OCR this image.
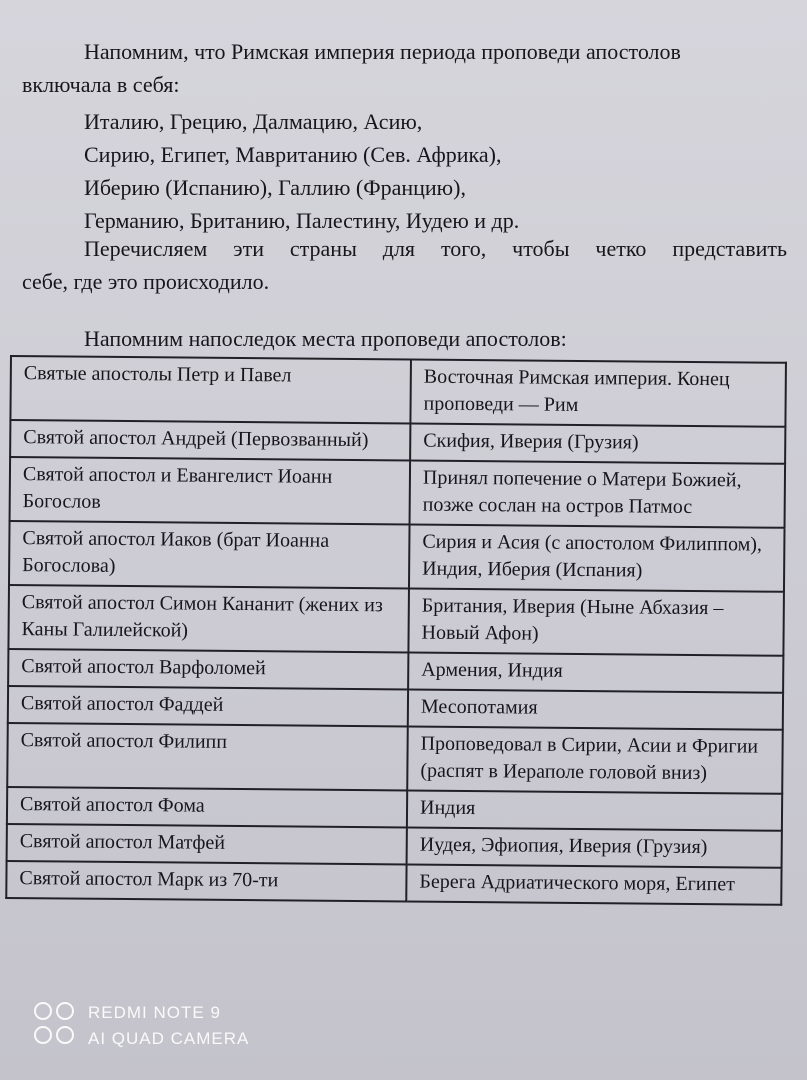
Напомним, что Римская империя периода проповеди апостолов
включала в себя:
Италию, Грецию, Далмацию, Асию,
Сирию, Египет, Мавританию (Сев. Африка),
Иберию (Испанию), Галлию (Францию),
Германию, Британию, Палестину, Иудею и др.
Перечисляем эти страны для того, чтобы четко представить
себе, где это происходило.
Напомним напоследок места проповеди апостолов:
Святые апостолы Петр и Павел	Восточная Римская империя. Конец проповеди — Рим
Святой апостол Андрей (Первозванный)	Скифия, Иверия (Грузия)
Святой апостол и Евангелист Иоанн Богослов	Принял попечение о Матери Божией, позже сослан на остров Патмос
Святой апостол Иаков (брат Иоанна Богослова)	Сирия и Асия (с апостолом Филиппом), Индия, Иберия (Испания)
Святой апостол Симон Кананит (жених из Каны Галилейской)	Британия, Иверия (Ныне Абхазия – Новый Афон)
Святой апостол Варфоломей	Армения, Индия
Святой апостол Фаддей	Месопотамия
Святой апостол Филипп	Проповедовал в Сирии, Асии и Фригии (распят в Иераполе головой вниз)
Святой апостол Фома	Индия
Святой апостол Матфей	Иудея, Эфиопия, Иверия (Грузия)
Святой апостол Марк из 70-ти	Берега Адриатического моря, Египет
REDMI NOTE 9
AI QUAD CAMERA
